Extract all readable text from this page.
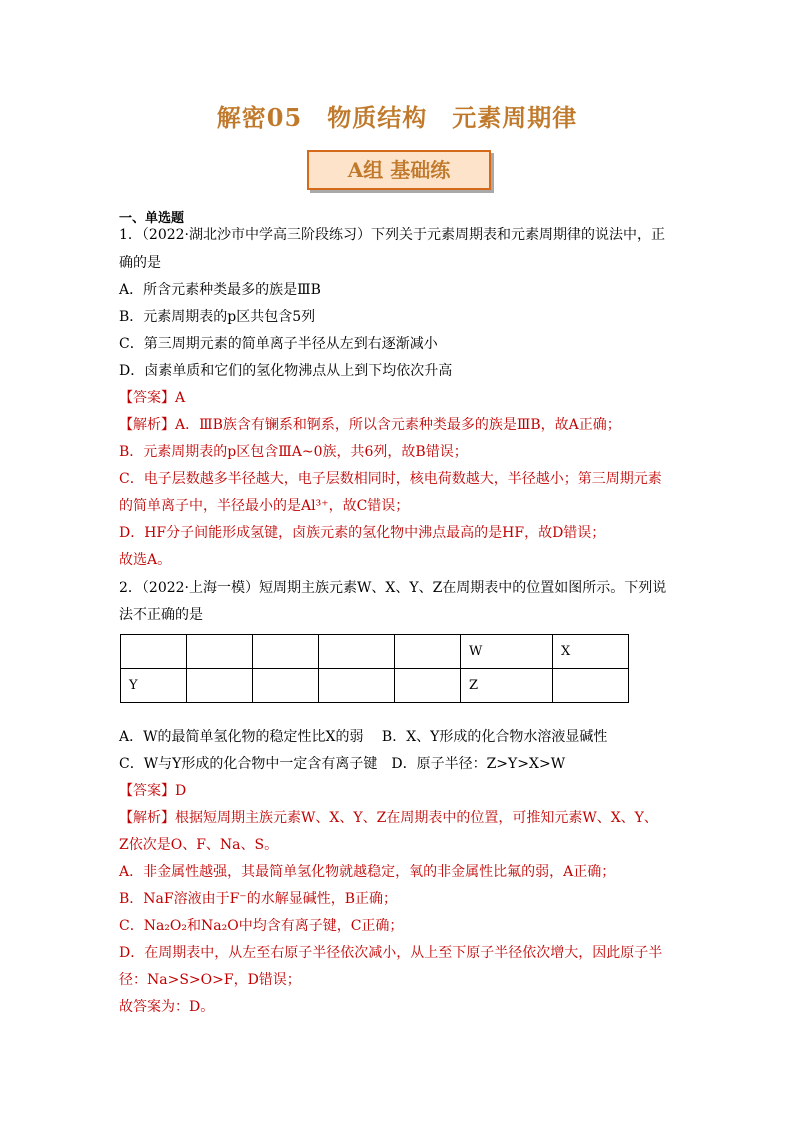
解密05　物质结构　元素周期律
A组 基础练
一、单选题
1．（2022·湖北沙市中学高三阶段练习）下列关于元素周期表和元素周期律的说法中，正
确的是
A．所含元素种类最多的族是ⅢB
B．元素周期表的p区共包含5列
C．第三周期元素的简单离子半径从左到右逐渐减小
D．卤素单质和它们的氢化物沸点从上到下均依次升高
【答案】A
【解析】A．ⅢB族含有镧系和锕系，所以含元素种类最多的族是ⅢB，故A正确；
B．元素周期表的p区包含ⅢA~0族，共6列，故B错误；
C．电子层数越多半径越大，电子层数相同时，核电荷数越大，半径越小；第三周期元素
的简单离子中，半径最小的是Al³⁺，故C错误；
D．HF分子间能形成氢键，卤族元素的氢化物中沸点最高的是HF，故D错误；
故选A。
2．（2022·上海一模）短周期主族元素W、X、Y、Z在周期表中的位置如图所示。下列说
法不正确的是
					W	X
Y					Z	
A．W的最简单氢化物的稳定性比X的弱　 B．X、Y形成的化合物水溶液显碱性
C．W与Y形成的化合物中一定含有离子键　D．原子半径：Z>Y>X>W
【答案】D
【解析】根据短周期主族元素W、X、Y、Z在周期表中的位置，可推知元素W、X、Y、
Z依次是O、F、Na、S。
A．非金属性越强，其最简单氢化物就越稳定，氧的非金属性比氟的弱，A正确；
B．NaF溶液由于F⁻的水解显碱性，B正确；
C．Na₂O₂和Na₂O中均含有离子键，C正确；
D．在周期表中，从左至右原子半径依次减小，从上至下原子半径依次增大，因此原子半
径：Na>S>O>F，D错误；
故答案为：D。
